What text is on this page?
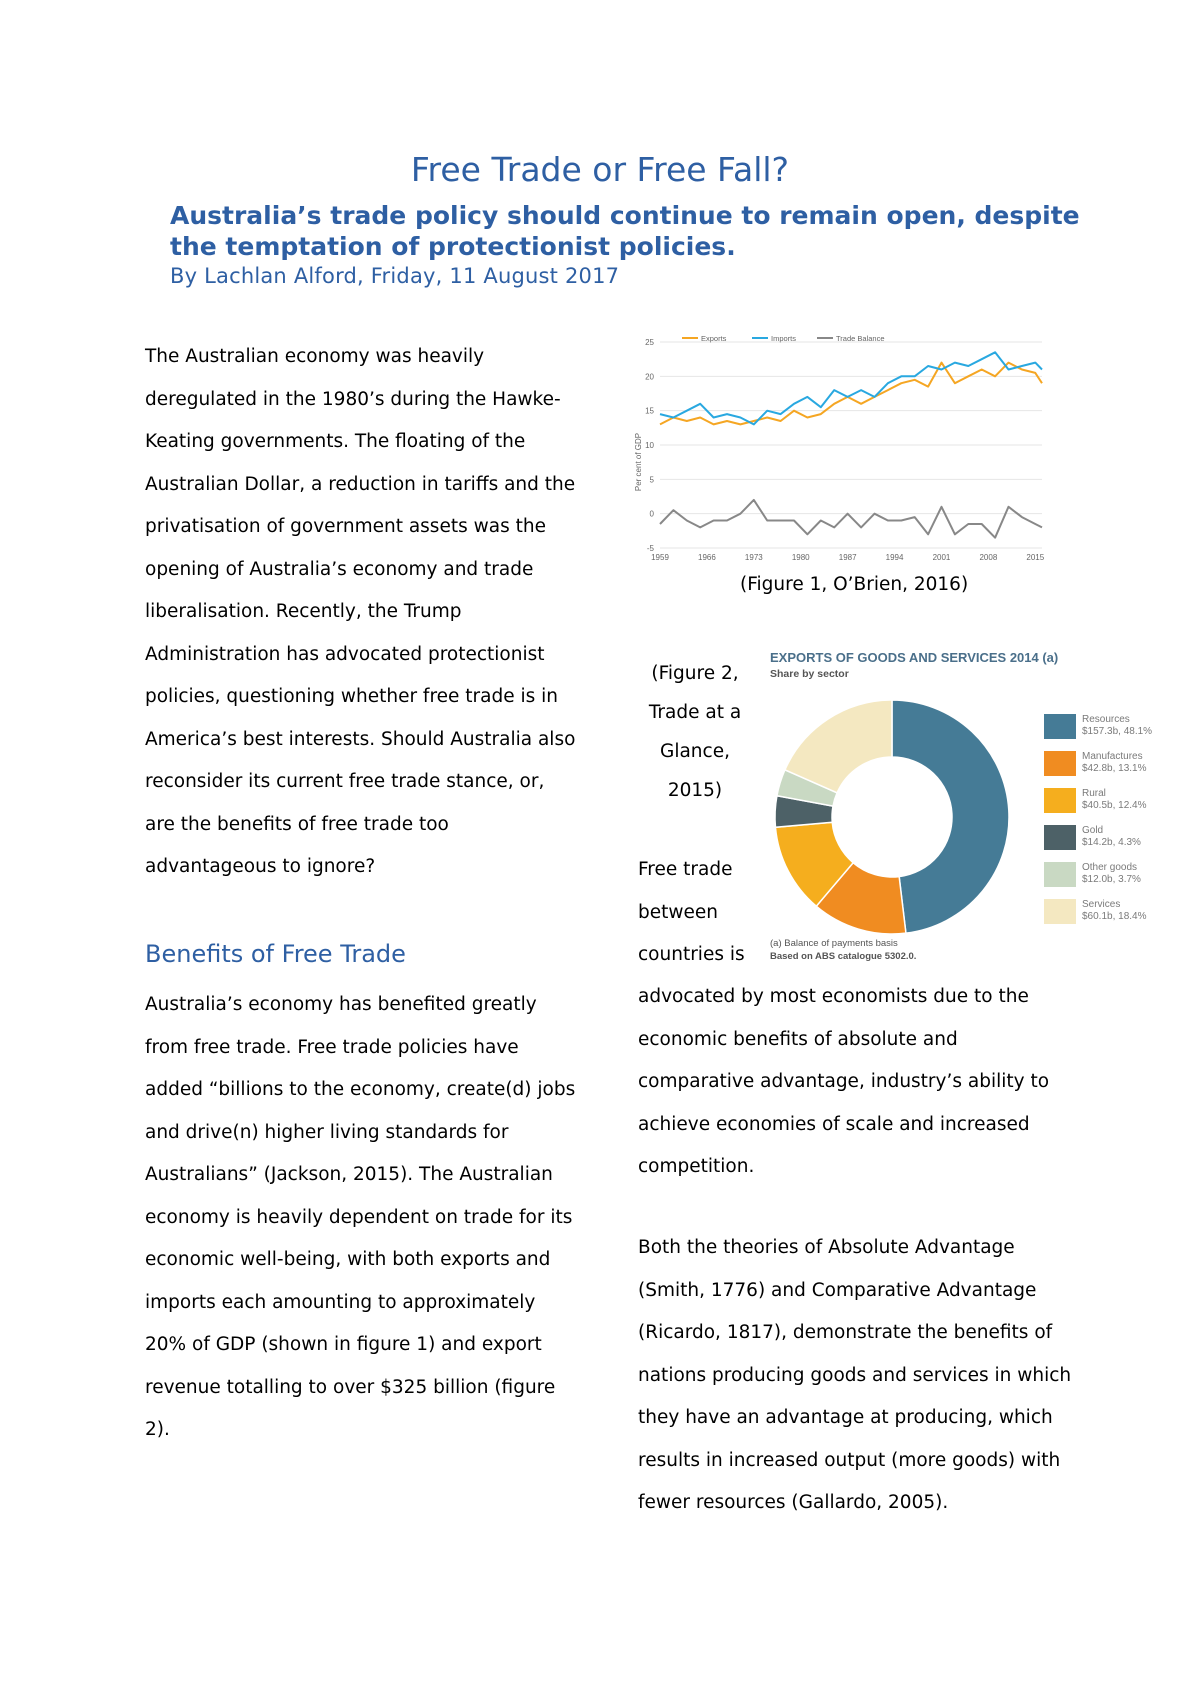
Free Trade or Free Fall?
Australia’s trade policy should continue to remain open, despite the temptation of protectionist policies.
By Lachlan Alford, Friday, 11 August 2017

The Australian economy was heavily deregulated in the 1980’s during the Hawke-Keating governments. The floating of the Australian Dollar, a reduction in tariffs and the privatisation of government assets was the opening of Australia’s economy and trade liberalisation. Recently, the Trump Administration has advocated protectionist policies, questioning whether free trade is in America’s best interests. Should Australia also reconsider its current free trade stance, or, are the benefits of free trade too advantageous to ignore?

Benefits of Free Trade

Australia’s economy has benefited greatly from free trade. Free trade policies have added “billions to the economy, create(d) jobs and drive(n) higher living standards for Australians” (Jackson, 2015). The Australian economy is heavily dependent on trade for its economic well-being, with both exports and imports each amounting to approximately 20% of GDP (shown in figure 1) and export revenue totalling to over $325 billion (figure 2).

-5
0
5
10
15
20
25
1959	1966	1973	1980	1987	1994	2001	2008	2015
Exports	Imports	Trade Balance
Per cent of GDP
(Figure 1, O’Brien, 2016)
(Figure 2, Trade at a Glance, 2015)

Free trade between countries is

advocated by most economists due to the economic benefits of absolute and comparative advantage, industry’s ability to achieve economies of scale and increased competition.

Both the theories of Absolute Advantage (Smith, 1776) and Comparative Advantage (Ricardo, 1817), demonstrate the benefits of nations producing goods and services in which they have an advantage at producing, which results in increased output (more goods) with fewer resources (Gallardo, 2005).

EXPORTS OF GOODS AND SERVICES 2014 (a)
Share by sector
Resources
$157.3b, 48.1%
Manufactures
$42.8b, 13.1%
Rural
$40.5b, 12.4%
Gold
$14.2b, 4.3%
Other goods
$12.0b, 3.7%
Services
$60.1b, 18.4%
(a) Balance of payments basis
Based on ABS catalogue 5302.0.
